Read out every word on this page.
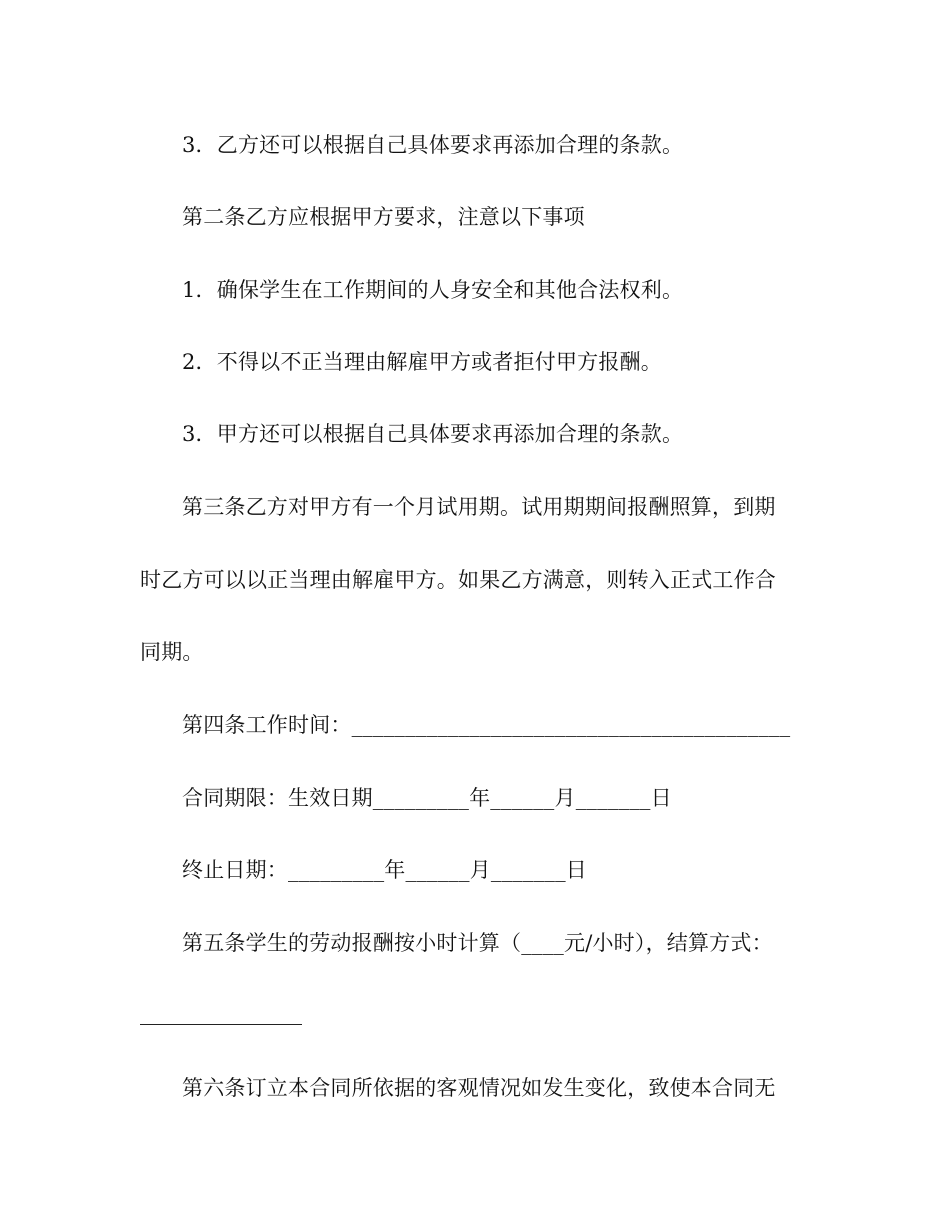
3．乙方还可以根据自己具体要求再添加合理的条款。
第二条乙方应根据甲方要求，注意以下事项
1．确保学生在工作期间的人身安全和其他合法权利。
2．不得以不正当理由解雇甲方或者拒付甲方报酬。
3．甲方还可以根据自己具体要求再添加合理的条款。
第三条乙方对甲方有一个月试用期。试用期期间报酬照算，到期
时乙方可以以正当理由解雇甲方。如果乙方满意，则转入正式工作合
同期。
第四条工作时间：_________________________________________
合同期限：生效日期_________年______月_______日
终止日期：_________年______月_______日
第五条学生的劳动报酬按小时计算（____元/小时），结算方式：
第六条订立本合同所依据的客观情况如发生变化，致使本合同无
